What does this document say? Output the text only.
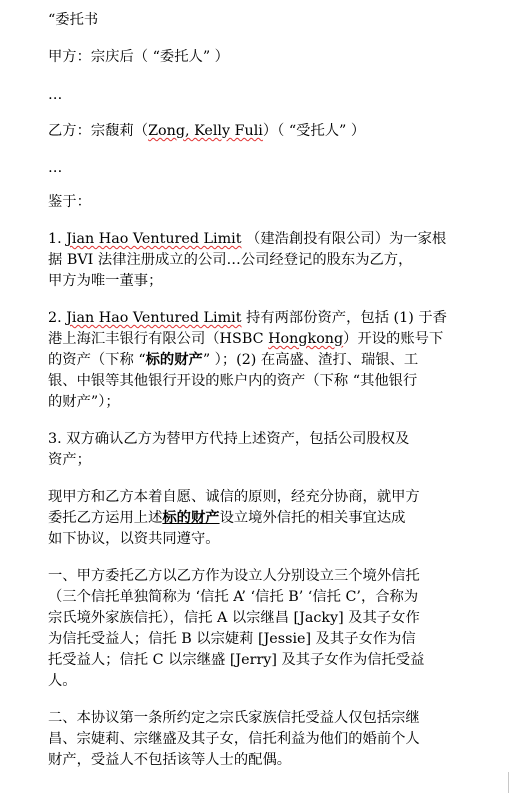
“委托书
甲方：宗庆后（ “委托人” ）
…
乙方：宗馥莉（Zong, Kelly Fuli）（ “受托人” ）
…
鉴于：
1. Jian Hao Ventured Limit （建浩創投有限公司）为一家根
据 BVI 法律注册成立的公司…公司经登记的股东为乙方，
甲方为唯一董事；
2. Jian Hao Ventured Limit 持有两部份资产，包括 (1) 于香
港上海汇丰银行有限公司（HSBC Hongkong）开设的账号下
的资产（下称 “标的财产” ）；(2) 在高盛、渣打、瑞银、工
银、中银等其他银行开设的账户内的资产（下称 “其他银行
的财产”）；
3. 双方确认乙方为替甲方代持上述资产，包括公司股权及
资产；
现甲方和乙方本着自愿、诚信的原则，经充分协商，就甲方
委托乙方运用上述标的财产设立境外信托的相关事宜达成
如下协议，以资共同遵守。
一、甲方委托乙方以乙方作为设立人分别设立三个境外信托
（三个信托单独简称为 ‘信托 A’ ‘信托 B’ ‘信托 C’，合称为
宗氏境外家族信托），信托 A 以宗继昌 [Jacky] 及其子女作
为信托受益人；信托 B 以宗婕莉 [Jessie] 及其子女作为信
托受益人；信托 C 以宗继盛 [Jerry] 及其子女作为信托受益
人。
二、本协议第一条所约定之宗氏家族信托受益人仅包括宗继
昌、宗婕莉、宗继盛及其子女，信托利益为他们的婚前个人
财产，受益人不包括该等人士的配偶。
